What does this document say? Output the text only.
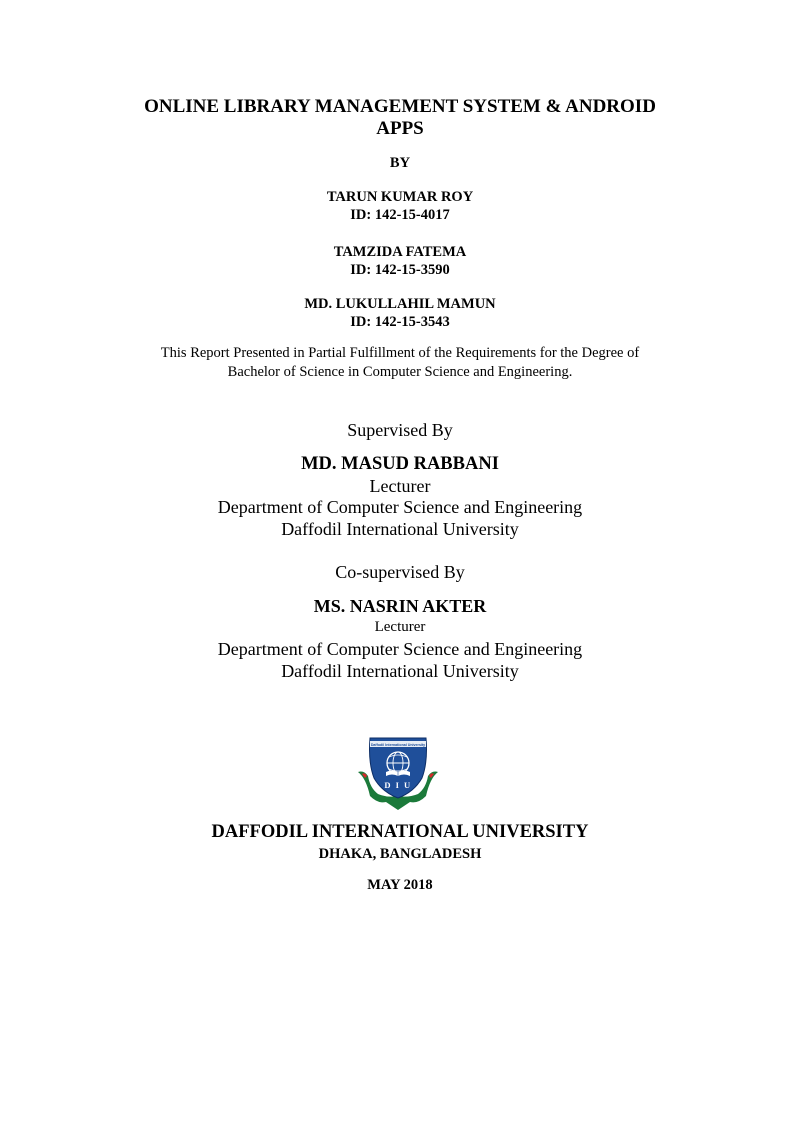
ONLINE LIBRARY MANAGEMENT SYSTEM & ANDROID
APPS
BY
TARUN KUMAR ROY
ID: 142-15-4017
TAMZIDA FATEMA
ID: 142-15-3590
MD. LUKULLAHIL MAMUN
ID: 142-15-3543
This Report Presented in Partial Fulfillment of the Requirements for the Degree of
Bachelor of Science in Computer Science and Engineering.
Supervised By
MD. MASUD RABBANI
Lecturer
Department of Computer Science and Engineering
Daffodil International University
Co-supervised By
MS. NASRIN AKTER
Lecturer
Department of Computer Science and Engineering
Daffodil International University
Daffodil International University
D I U
DAFFODIL INTERNATIONAL UNIVERSITY
DHAKA, BANGLADESH
MAY 2018
